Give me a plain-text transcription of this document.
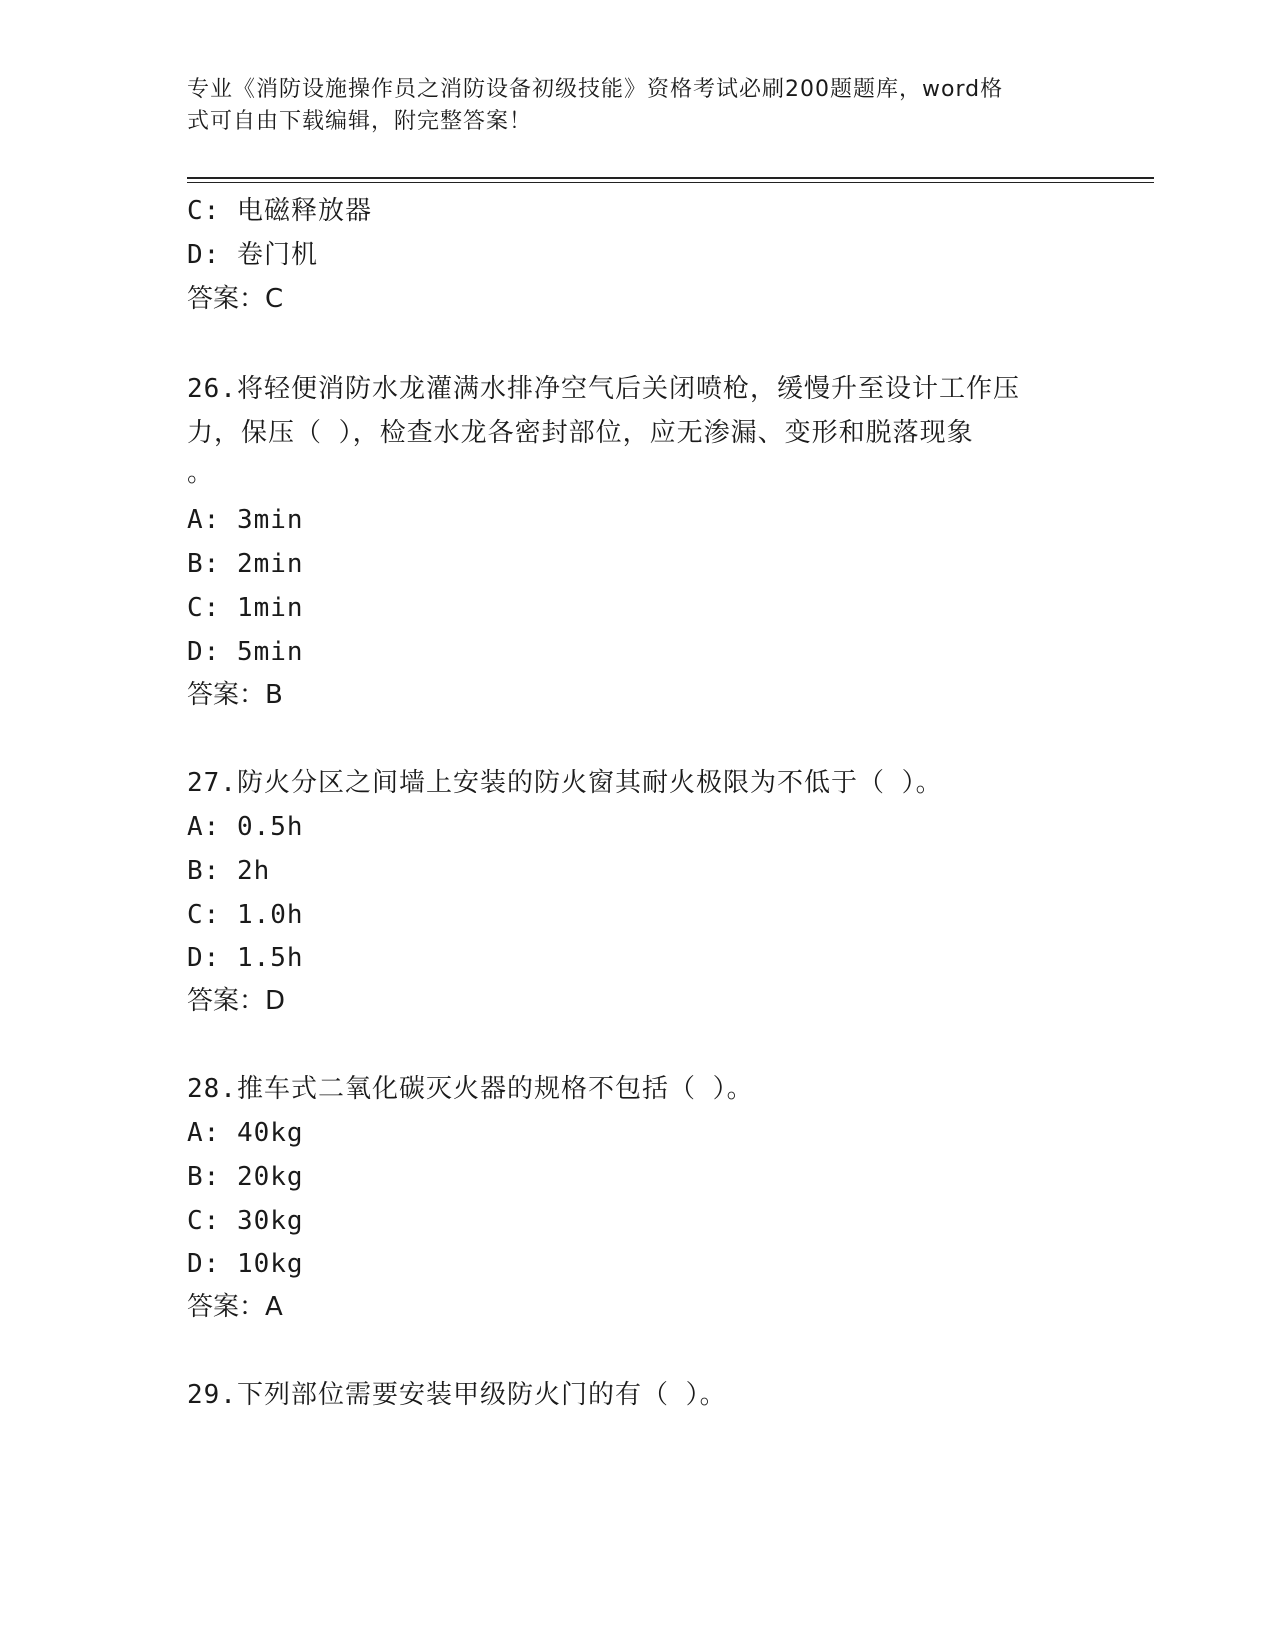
专业《消防设施操作员之消防设备初级技能》资格考试必刷200题题库，word格
式可自由下载编辑，附完整答案！
C: 电磁释放器
D: 卷门机
答案：C
26.将轻便消防水龙灌满水排净空气后关闭喷枪，缓慢升至设计工作压
力，保压（ ），检查水龙各密封部位，应无渗漏、变形和脱落现象
。
A: 3min
B: 2min
C: 1min
D: 5min
答案：B
27.防火分区之间墙上安装的防火窗其耐火极限为不低于（ ）。
A: 0.5h
B: 2h
C: 1.0h
D: 1.5h
答案：D
28.推车式二氧化碳灭火器的规格不包括（ ）。
A: 40kg
B: 20kg
C: 30kg
D: 10kg
答案：A
29.下列部位需要安装甲级防火门的有（ ）。
